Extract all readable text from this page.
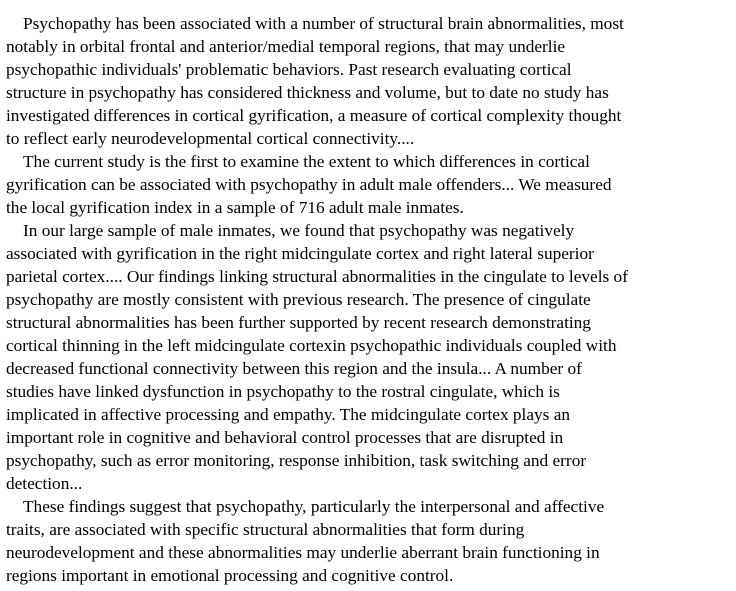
Psychopathy has been associated with a number of structural brain abnormalities, most
notably in orbital frontal and anterior/medial temporal regions, that may underlie
psychopathic individuals' problematic behaviors. Past research evaluating cortical
structure in psychopathy has considered thickness and volume, but to date no study has
investigated differences in cortical gyrification, a measure of cortical complexity thought
to reflect early neurodevelopmental cortical connectivity....

The current study is the first to examine the extent to which differences in cortical
gyrification can be associated with psychopathy in adult male offenders... We measured
the local gyrification index in a sample of 716 adult male inmates.

In our large sample of male inmates, we found that psychopathy was negatively
associated with gyrification in the right midcingulate cortex and right lateral superior
parietal cortex.... Our findings linking structural abnormalities in the cingulate to levels of
psychopathy are mostly consistent with previous research. The presence of cingulate
structural abnormalities has been further supported by recent research demonstrating
cortical thinning in the left midcingulate cortexin psychopathic individuals coupled with
decreased functional connectivity between this region and the insula... A number of
studies have linked dysfunction in psychopathy to the rostral cingulate, which is
implicated in affective processing and empathy. The midcingulate cortex plays an
important role in cognitive and behavioral control processes that are disrupted in
psychopathy, such as error monitoring, response inhibition, task switching and error
detection...

These findings suggest that psychopathy, particularly the interpersonal and affective
traits, are associated with specific structural abnormalities that form during
neurodevelopment and these abnormalities may underlie aberrant brain functioning in
regions important in emotional processing and cognitive control.
